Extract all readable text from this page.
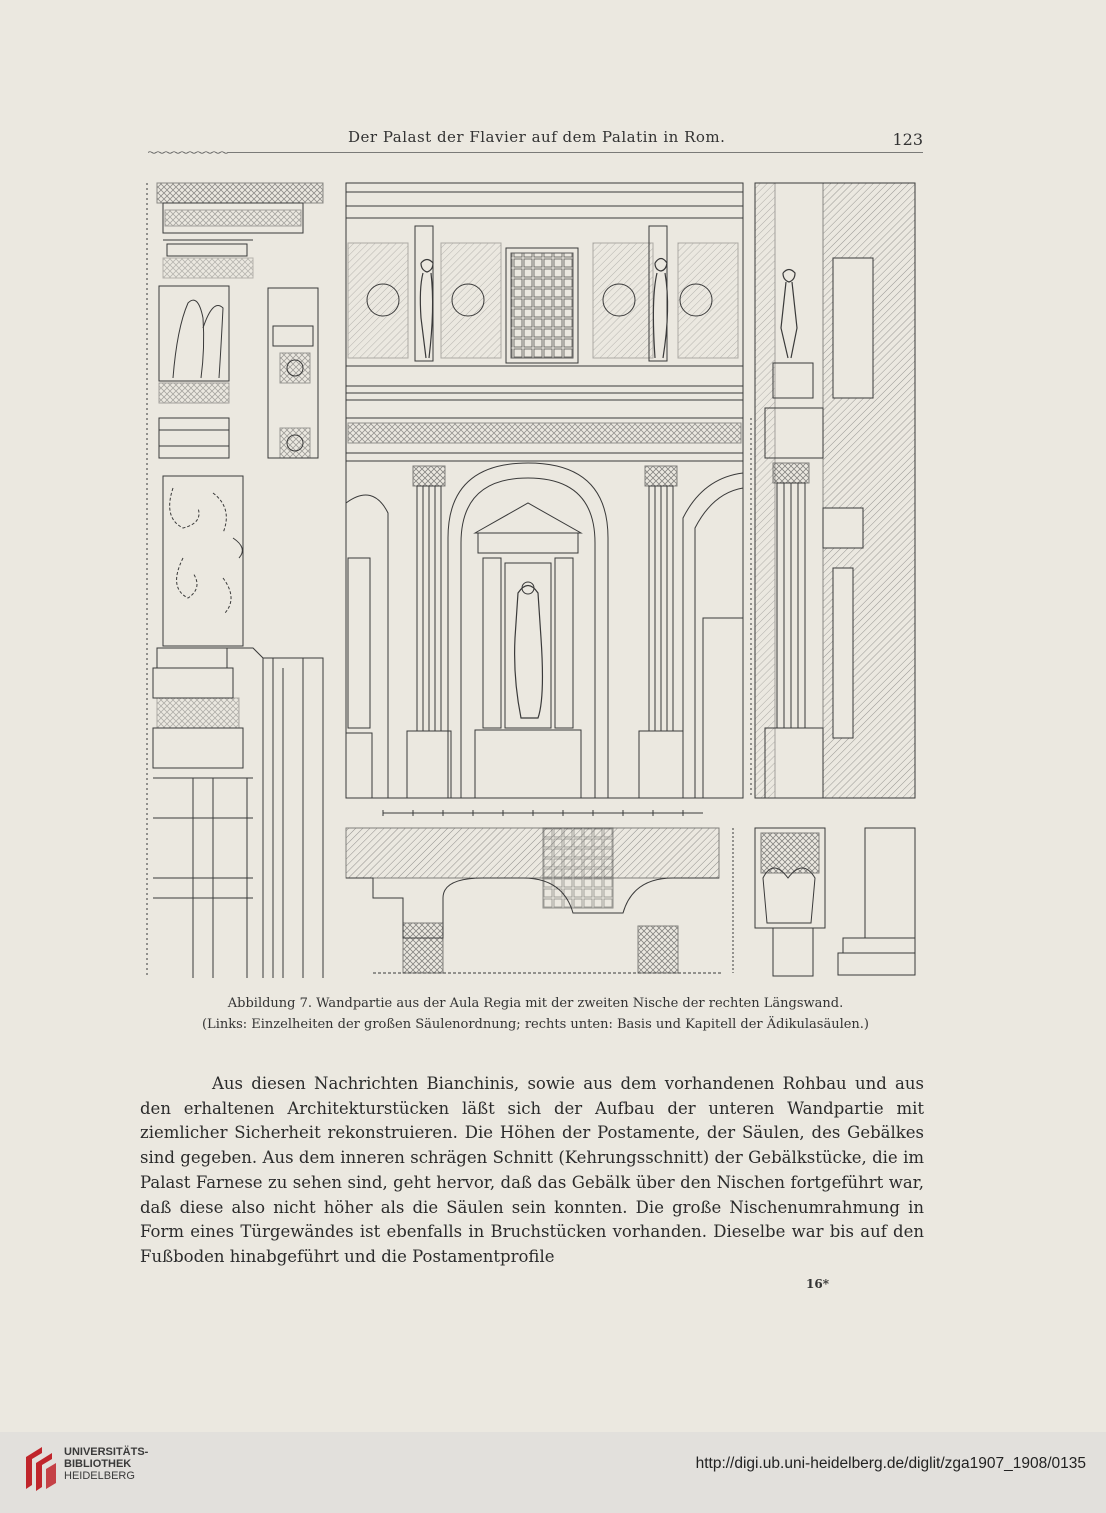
Der Palast der Flavier auf dem Palatin in Rom.	123
Abbildung 7. Wandpartie aus der Aula Regia mit der zweiten Nische der rechten Längswand.
(Links: Einzelheiten der großen Säulenordnung; rechts unten: Basis und Kapitell der Ädikulasäulen.)

Aus diesen Nachrichten Bianchinis, sowie aus dem vorhandenen Rohbau und aus den erhaltenen Architekturstücken läßt sich der Aufbau der unteren Wandpartie mit ziemlicher Sicherheit rekonstruieren. Die Höhen der Postamente, der Säulen, des Gebälkes sind gegeben. Aus dem inneren schrägen Schnitt (Kehrungsschnitt) der Gebälkstücke, die im Palast Farnese zu sehen sind, geht hervor, daß das Gebälk über den Nischen fortgeführt war, daß diese also nicht höher als die Säulen sein konnten. Die große Nischenumrahmung in Form eines Türgewändes ist ebenfalls in Bruchstücken vorhanden. Dieselbe war bis auf den Fußboden hinabgeführt und die Postamentprofile

16*
UNIVERSITÄTS-
BIBLIOTHEK
HEIDELBERG
http://digi.ub.uni-heidelberg.de/diglit/zga1907_1908/0135
